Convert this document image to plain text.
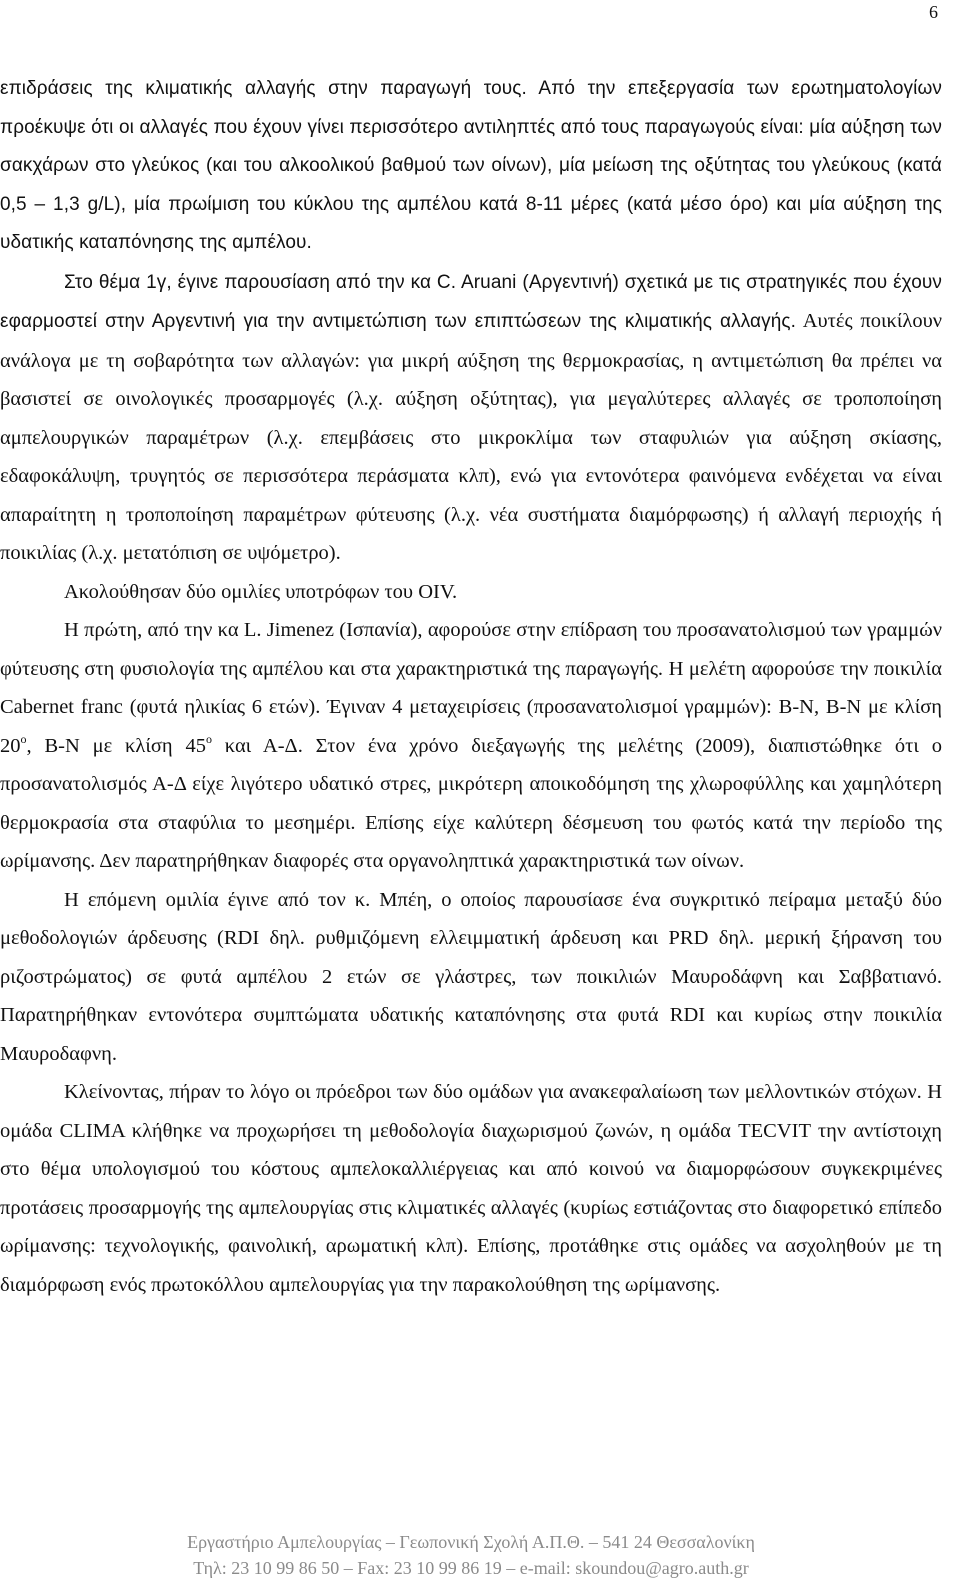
6

επιδράσεις της κλιματικής αλλαγής στην παραγωγή τους. Από την επεξεργασία των ερωτηματολογίων προέκυψε ότι οι αλλαγές που έχουν γίνει περισσότερο αντιληπτές από τους παραγωγούς είναι: μία αύξηση των σακχάρων στο γλεύκος (και του αλκοολικού βαθμού των οίνων), μία μείωση της οξύτητας του γλεύκους (κατά 0,5 – 1,3 g/L), μία πρωίμιση του κύκλου της αμπέλου κατά 8-11 μέρες (κατά μέσο όρο) και μία αύξηση της υδατικής καταπόνησης της αμπέλου.

Στο θέμα 1γ, έγινε παρουσίαση από την κα C. Aruani (Αργεντινή) σχετικά με τις στρατηγικές που έχουν εφαρμοστεί στην Αργεντινή για την αντιμετώπιση των επιπτώσεων της κλιματικής αλλαγής. Αυτές ποικίλουν ανάλογα με τη σοβαρότητα των αλλαγών: για μικρή αύξηση της θερμοκρασίας, η αντιμετώπιση θα πρέπει να βασιστεί σε οινολογικές προσαρμογές (λ.χ. αύξηση οξύτητας), για μεγαλύτερες αλλαγές σε τροποποίηση αμπελουργικών παραμέτρων (λ.χ. επεμβάσεις στο μικροκλίμα των σταφυλιών για αύξηση σκίασης, εδαφοκάλυψη, τρυγητός σε περισσότερα περάσματα κλπ), ενώ για εντονότερα φαινόμενα ενδέχεται να είναι απαραίτητη η τροποποίηση παραμέτρων φύτευσης (λ.χ. νέα συστήματα διαμόρφωσης) ή αλλαγή περιοχής ή ποικιλίας (λ.χ. μετατόπιση σε υψόμετρο).

Ακολούθησαν δύο ομιλίες υποτρόφων του OIV.

Η πρώτη, από την κα L. Jimenez (Ισπανία), αφορούσε στην επίδραση του προσανατολισμού των γραμμών φύτευσης στη φυσιολογία της αμπέλου και στα χαρακτηριστικά της παραγωγής. Η μελέτη αφορούσε την ποικιλία Cabernet franc (φυτά ηλικίας 6 ετών). Έγιναν 4 μεταχειρίσεις (προσανατολισμοί γραμμών): B-N, B-N με κλίση $20^o$, B-N με κλίση $45^o$ και Α-Δ. Στον ένα χρόνο διεξαγωγής της μελέτης (2009), διαπιστώθηκε ότι ο προσανατολισμός Α-Δ είχε λιγότερο υδατικό στρες, μικρότερη αποικοδόμηση της χλωροφύλλης και χαμηλότερη θερμοκρασία στα σταφύλια το μεσημέρι. Επίσης είχε καλύτερη δέσμευση του φωτός κατά την περίοδο της ωρίμανσης. Δεν παρατηρήθηκαν διαφορές στα οργανοληπτικά χαρακτηριστικά των οίνων.

Η επόμενη ομιλία έγινε από τον κ. Μπέη, ο οποίος παρουσίασε ένα συγκριτικό πείραμα μεταξύ δύο μεθοδολογιών άρδευσης (RDI δηλ. ρυθμιζόμενη ελλειμματική άρδευση και PRD δηλ. μερική ξήρανση του ριζοστρώματος) σε φυτά αμπέλου 2 ετών σε γλάστρες, των ποικιλιών Μαυροδάφνη και Σαββατιανό. Παρατηρήθηκαν εντονότερα συμπτώματα υδατικής καταπόνησης στα φυτά RDI και κυρίως στην ποικιλία Μαυροδαφνη.

Κλείνοντας, πήραν το λόγο οι πρόεδροι των δύο ομάδων για ανακεφαλαίωση των μελλοντικών στόχων. Η ομάδα CLIMA κλήθηκε να προχωρήσει τη μεθοδολογία διαχωρισμού ζωνών, η ομάδα TECVIT την αντίστοιχη στο θέμα υπολογισμού του κόστους αμπελοκαλλιέργειας και από κοινού να διαμορφώσουν συγκεκριμένες προτάσεις προσαρμογής της αμπελουργίας στις κλιματικές αλλαγές (κυρίως εστιάζοντας στο διαφορετικό επίπεδο ωρίμανσης: τεχνολογικής, φαινολική, αρωματική κλπ). Επίσης, προτάθηκε στις ομάδες να ασχοληθούν με τη διαμόρφωση ενός πρωτοκόλλου αμπελουργίας για την παρακολούθηση της ωρίμανσης.

Εργαστήριο Αμπελουργίας – Γεωπονική Σχολή Α.Π.Θ. – 541 24 Θεσσαλονίκη
Τηλ: 23 10 99 86 50 – Fax: 23 10 99 86 19 – e-mail: skoundou@agro.auth.gr
